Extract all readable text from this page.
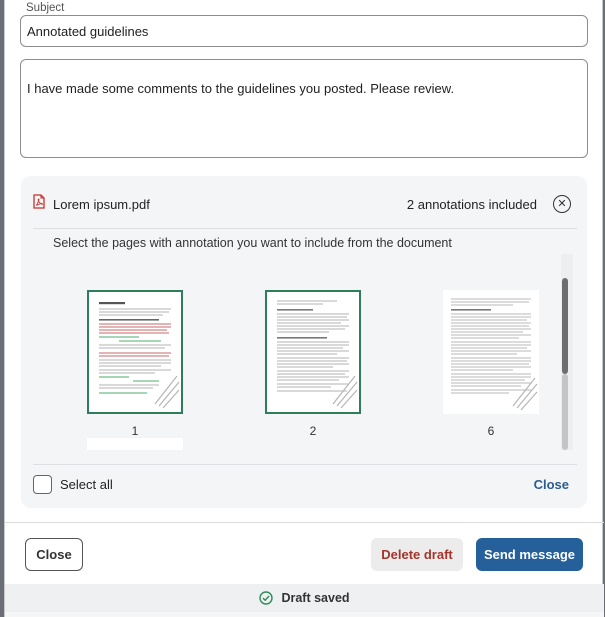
Subject
Annotated guidelines
I have made some comments to the guidelines you posted. Please review.
Lorem ipsum.pdf	2 annotations included	✕
Select the pages with annotation you want to include from the document
1	2	6
Select all	Close
Close	Delete draft	Send message
Draft saved
